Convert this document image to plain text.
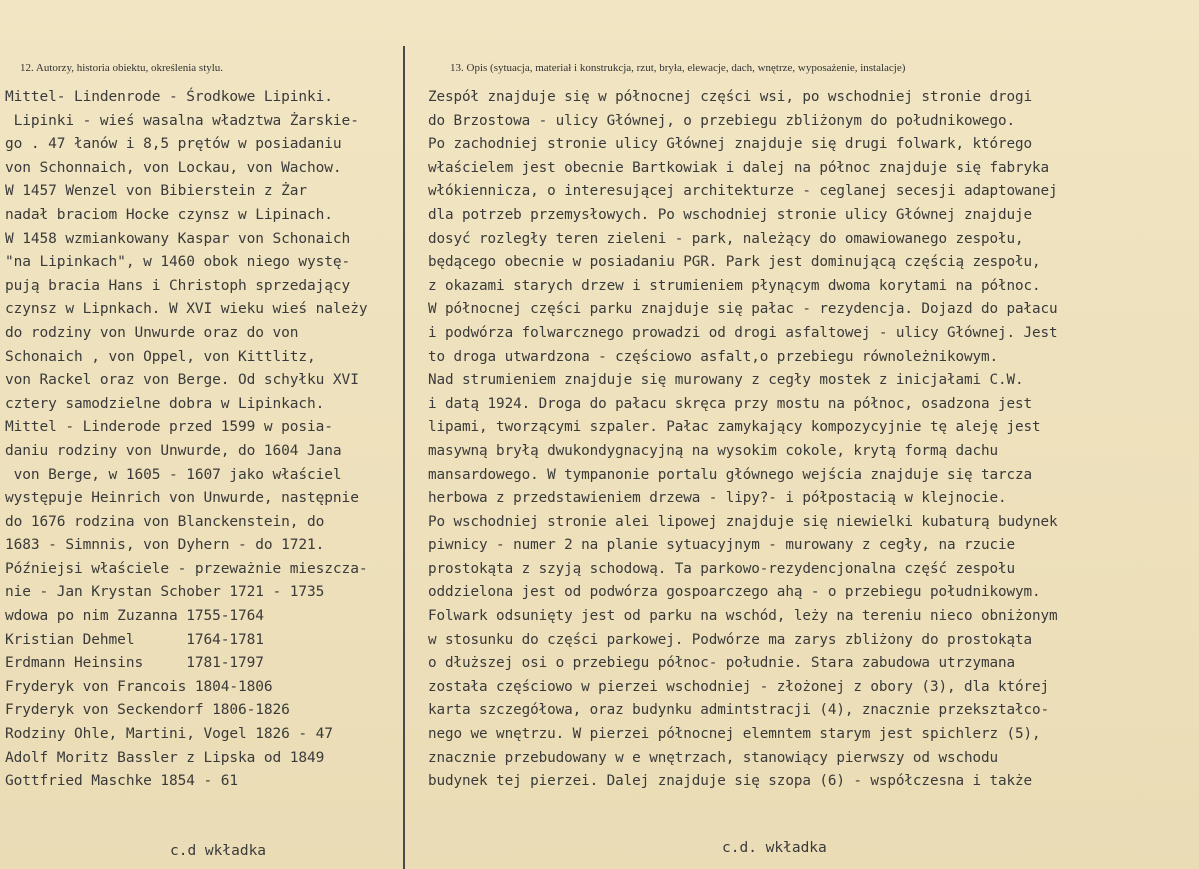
12. Autorzy, historia obiektu, określenia stylu.	13. Opis (sytuacja, materiał i konstrukcja, rzut, bryła, elewacje, dach, wnętrze, wyposażenie, instalacje)
Mittel- Lindenrode - Środkowe Lipinki.
Lipinki - wieś wasalna władztwa Żarskie-
go . 47 łanów i 8,5 prętów w posiadaniu
von Schonnaich, von Lockau, von Wachow.
W 1457 Wenzel von Bibierstein z Żar
nadał braciom Hocke czynsz w Lipinach.
W 1458 wzmiankowany Kaspar von Schonaich
"na Lipinkach", w 1460 obok niego wystę-
pują bracia Hans i Christoph sprzedający
czynsz w Lipnkach. W XVI wieku wieś należy
do rodziny von Unwurde oraz do von
Schonaich , von Oppel, von Kittlitz,
von Rackel oraz von Berge. Od schyłku XVI
cztery samodzielne dobra w Lipinkach.
Mittel - Linderode przed 1599 w posia-
daniu rodziny von Unwurde, do 1604 Jana
von Berge, w 1605 - 1607 jako właściel
występuje Heinrich von Unwurde, następnie
do 1676 rodzina von Blanckenstein, do
1683 - Simnnis, von Dyhern - do 1721.
Późniejsi właściele - przeważnie mieszcza-
nie - Jan Krystan Schober 1721 - 1735
wdowa po nim Zuzanna 1755-1764
Kristian Dehmel      1764-1781
Erdmann Heinsins     1781-1797
Fryderyk von Francois 1804-1806
Fryderyk von Seckendorf 1806-1826
Rodziny Ohle, Martini, Vogel 1826 - 47
Adolf Moritz Bassler z Lipska od 1849
Gottfried Maschke 1854 - 61
Zespół znajduje się w północnej części wsi, po wschodniej stronie drogi
do Brzostowa - ulicy Głównej, o przebiegu zbliżonym do południkowego.
Po zachodniej stronie ulicy Głównej znajduje się drugi folwark, którego
właścielem jest obecnie Bartkowiak i dalej na północ znajduje się fabryka
włókiennicza, o interesującej architekturze - ceglanej secesji adaptowanej
dla potrzeb przemysłowych. Po wschodniej stronie ulicy Głównej znajduje
dosyć rozległy teren zieleni - park, należący do omawiowanego zespołu,
będącego obecnie w posiadaniu PGR. Park jest dominującą częścią zespołu,
z okazami starych drzew i strumieniem płynącym dwoma korytami na północ.
W północnej części parku znajduje się pałac - rezydencja. Dojazd do pałacu
i podwórza folwarcznego prowadzi od drogi asfaltowej - ulicy Głównej. Jest
to droga utwardzona - częściowo asfalt,o przebiegu równoleżnikowym.
Nad strumieniem znajduje się murowany z cegły mostek z inicjałami C.W.
i datą 1924. Droga do pałacu skręca przy mostu na północ, osadzona jest
lipami, tworzącymi szpaler. Pałac zamykający kompozycyjnie tę aleję jest
masywną bryłą dwukondygnacyjną na wysokim cokole, krytą formą dachu
mansardowego. W tympanonie portalu głównego wejścia znajduje się tarcza
herbowa z przedstawieniem drzewa - lipy?- i półpostacią w klejnocie.
Po wschodniej stronie alei lipowej znajduje się niewielki kubaturą budynek
piwnicy - numer 2 na planie sytuacyjnym - murowany z cegły, na rzucie
prostokąta z szyją schodową. Ta parkowo-rezydencjonalna część zespołu
oddzielona jest od podwórza gospoarczego ahą - o przebiegu południkowym.
Folwark odsunięty jest od parku na wschód, leży na tereniu nieco obniżonym
w stosunku do części parkowej. Podwórze ma zarys zbliżony do prostokąta
o dłuższej osi o przebiegu północ- południe. Stara zabudowa utrzymana
została częściowo w pierzei wschodniej - złożonej z obory (3), dla której
karta szczegółowa, oraz budynku admintstracji (4), znacznie przekształco-
nego we wnętrzu. W pierzei północnej elemntem starym jest spichlerz (5),
znacznie przebudowany w e wnętrzach, stanowiący pierwszy od wschodu
budynek tej pierzei. Dalej znajduje się szopa (6) - współczesna i także
c.d wkładka	c.d. wkładka
